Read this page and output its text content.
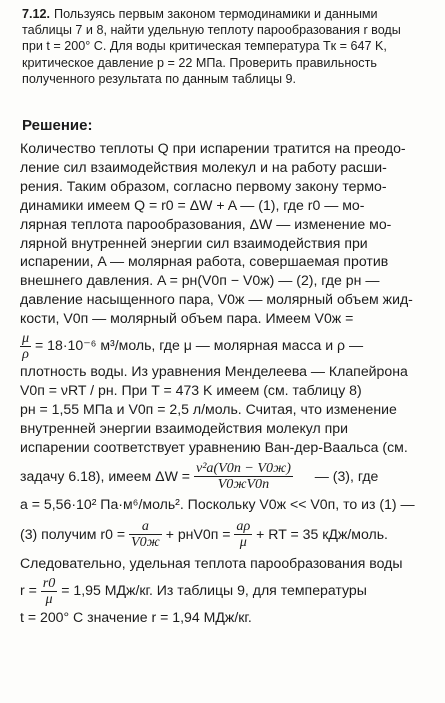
7.12. Пользуясь первым законом термодинамики и данными
таблицы 7 и 8, найти удельную теплоту парообразования r воды
при t = 200° C. Для воды критическая температура Tк = 647 K,
критическое давление p = 22 МПа. Проверить правильность
полученного результата по данным таблицы 9.
Решение:
Количество теплоты Q при испарении тратится на преодо-
ление сил взаимодействия молекул и на работу расши-
рения. Таким образом, согласно первому закону термо-
динамики имеем Q = r0 = ΔW + A — (1), где r0 — мо-
лярная теплота парообразования, ΔW — изменение мо-
лярной внутренней энергии сил взаимодействия при
испарении, A — молярная работа, совершаемая против
внешнего давления. A = pн(V0п − V0ж) — (2), где pн —
давление насыщенного пара, V0ж — молярный объем жид-
кости, V0п — молярный объем пара. Имеем V0ж =
$\frac{\mu}{\rho} = 18\cdot 10^{-6}$ м³/моль, где μ — молярная масса и ρ —
плотность воды. Из уравнения Менделеева — Клапейрона
V0п = νRT / pн. При T = 473 K имеем (см. таблицу 8)
pн = 1,55 МПа и V0п = 2,5 л/моль. Считая, что изменение
внутренней энергии взаимодействия молекул при
испарении соответствует уравнению Ван-дер-Ваальса (см.
задачу 6.18), имеем $\Delta W = \frac{\text{ν²a(V0п − V0ж)}}{V0жV0п}$ — (3), где
a = 5,56·10² Па·м⁶/моль². Поскольку V0ж << V0п, то из (1) —
(3) получим $r0 = \frac{a}{V0ж} + pнV0п = \frac{a\rho}{\mu}$ + RT = 35 кДж/моль.
Следовательно, удельная теплота парообразования воды
$r = \frac{r0}{\mu} = 1,95$ МДж/кг. Из таблицы 9, для температуры
t = 200° C значение r = 1,94 МДж/кг.
